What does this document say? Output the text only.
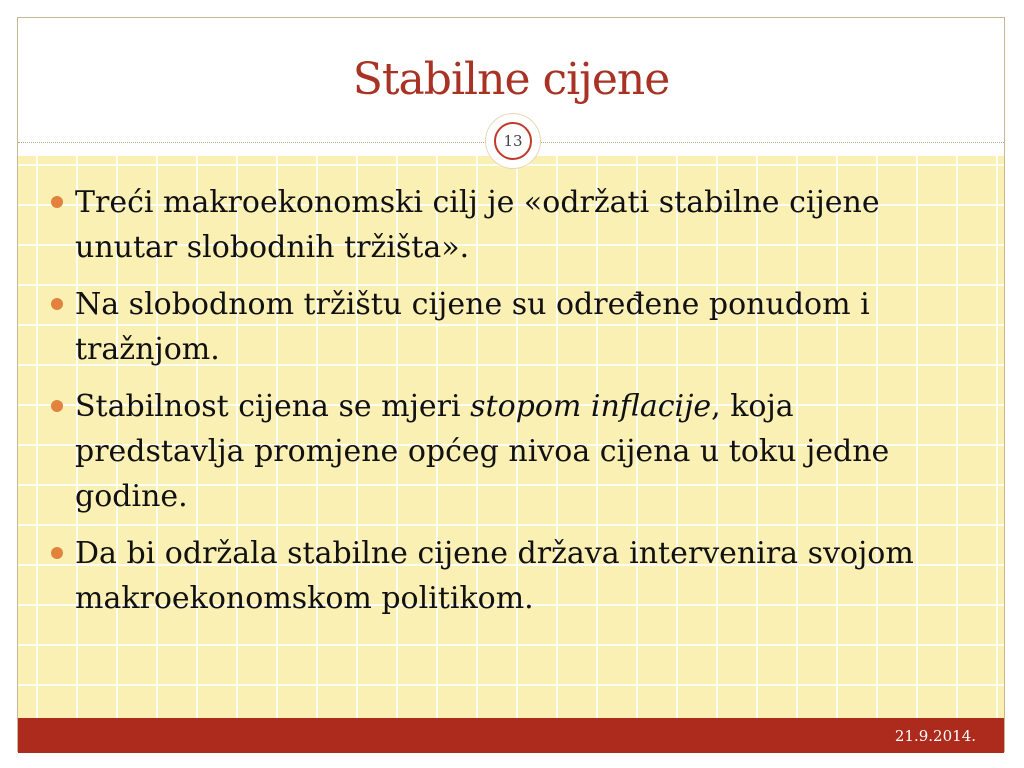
Stabilne cijene
13
21.9.2014.
Treći makroekonomski cilj je «održati stabilne cijene unutar slobodnih tržišta».
Na slobodnom tržištu cijene su određene ponudom i tražnjom.
Stabilnost cijena se mjeri stopom inflacije, koja predstavlja promjene općeg nivoa cijena u toku jedne godine.
Da bi održala stabilne cijene država intervenira svojom makroekonomskom politikom.
